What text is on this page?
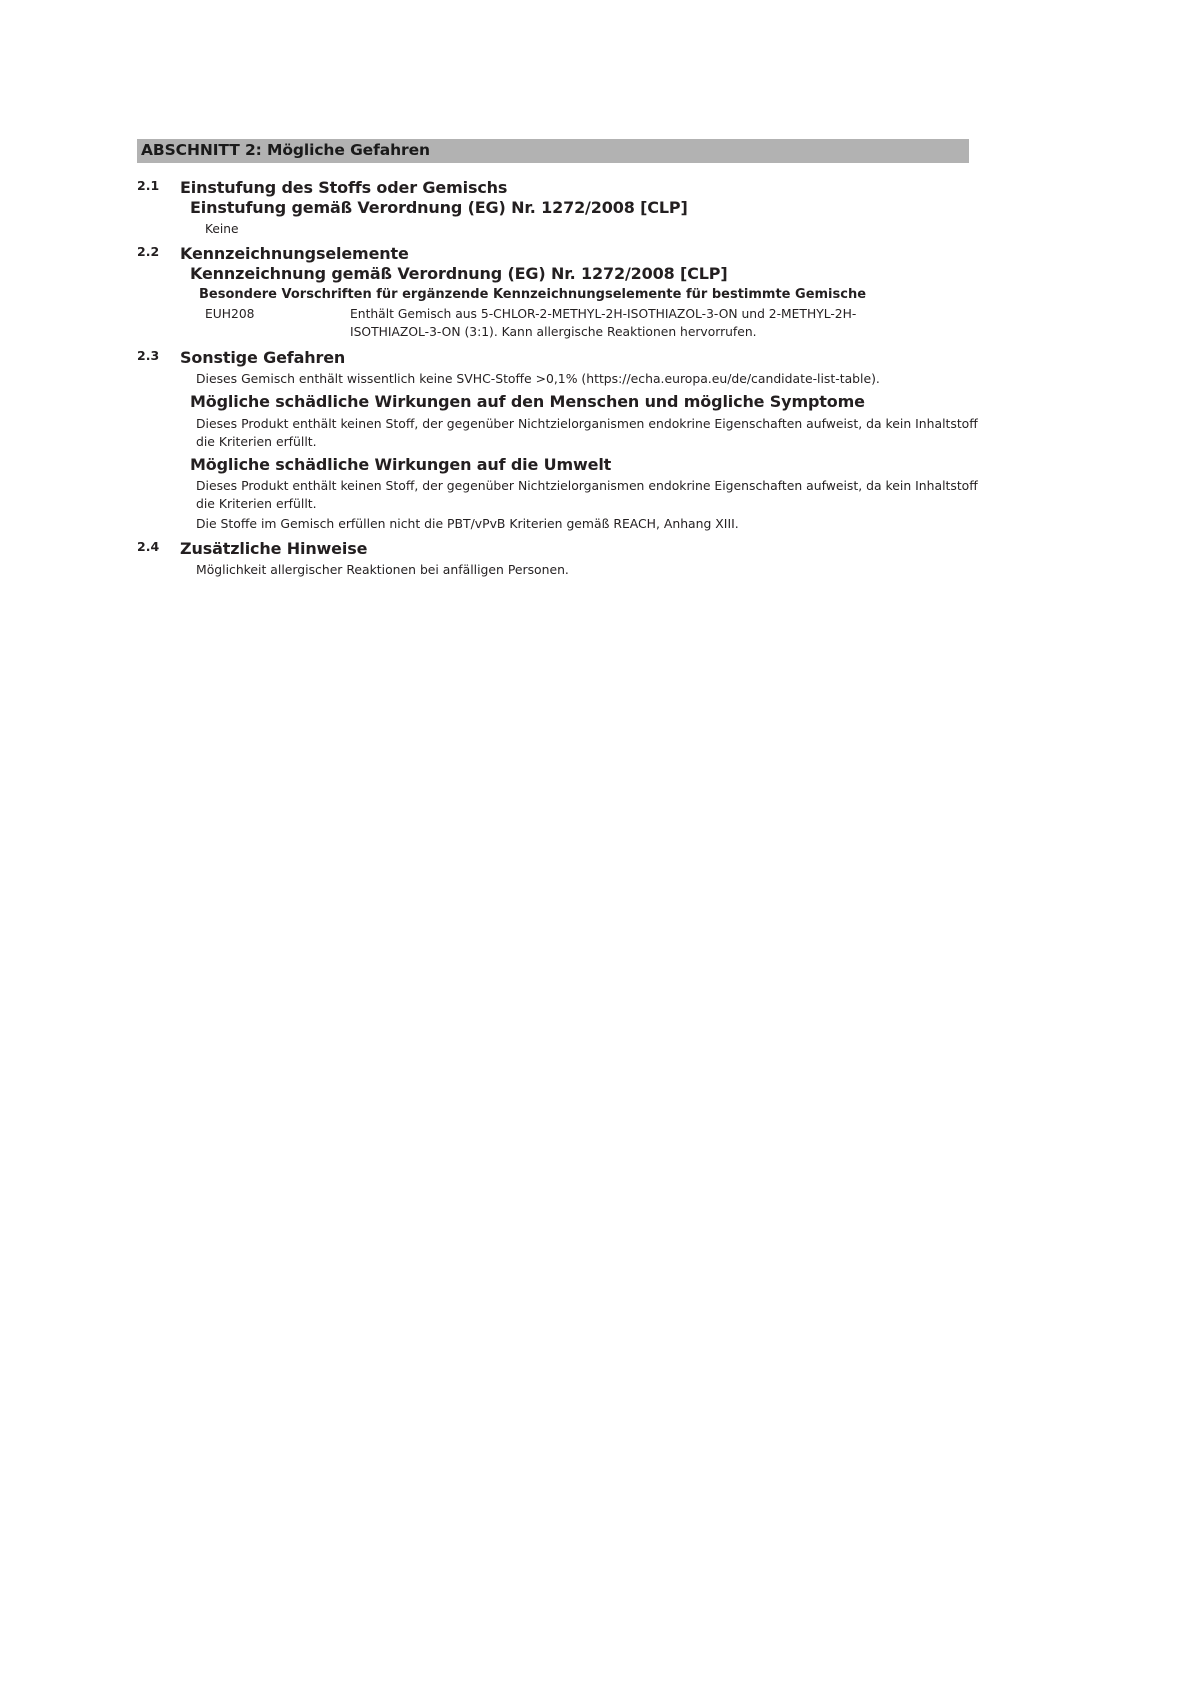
ABSCHNITT 2: Mögliche Gefahren
2.1	Einstufung des Stoffs oder Gemischs
Einstufung gemäß Verordnung (EG) Nr. 1272/2008 [CLP]
Keine
2.2	Kennzeichnungselemente
Kennzeichnung gemäß Verordnung (EG) Nr. 1272/2008 [CLP]
Besondere Vorschriften für ergänzende Kennzeichnungselemente für bestimmte Gemische
EUH208	Enthält Gemisch aus 5-CHLOR-2-METHYL-2H-ISOTHIAZOL-3-ON und 2-METHYL-2H-ISOTHIAZOL-3-ON (3:1). Kann allergische Reaktionen hervorrufen.
2.3	Sonstige Gefahren
Dieses Gemisch enthält wissentlich keine SVHC-Stoffe >0,1% (https://echa.europa.eu/de/candidate-list-table).
Mögliche schädliche Wirkungen auf den Menschen und mögliche Symptome
Dieses Produkt enthält keinen Stoff, der gegenüber Nichtzielorganismen endokrine Eigenschaften aufweist, da kein Inhaltstoff die Kriterien erfüllt.
Mögliche schädliche Wirkungen auf die Umwelt
Dieses Produkt enthält keinen Stoff, der gegenüber Nichtzielorganismen endokrine Eigenschaften aufweist, da kein Inhaltstoff die Kriterien erfüllt.
Die Stoffe im Gemisch erfüllen nicht die PBT/vPvB Kriterien gemäß REACH, Anhang XIII.
2.4	Zusätzliche Hinweise
Möglichkeit allergischer Reaktionen bei anfälligen Personen.
